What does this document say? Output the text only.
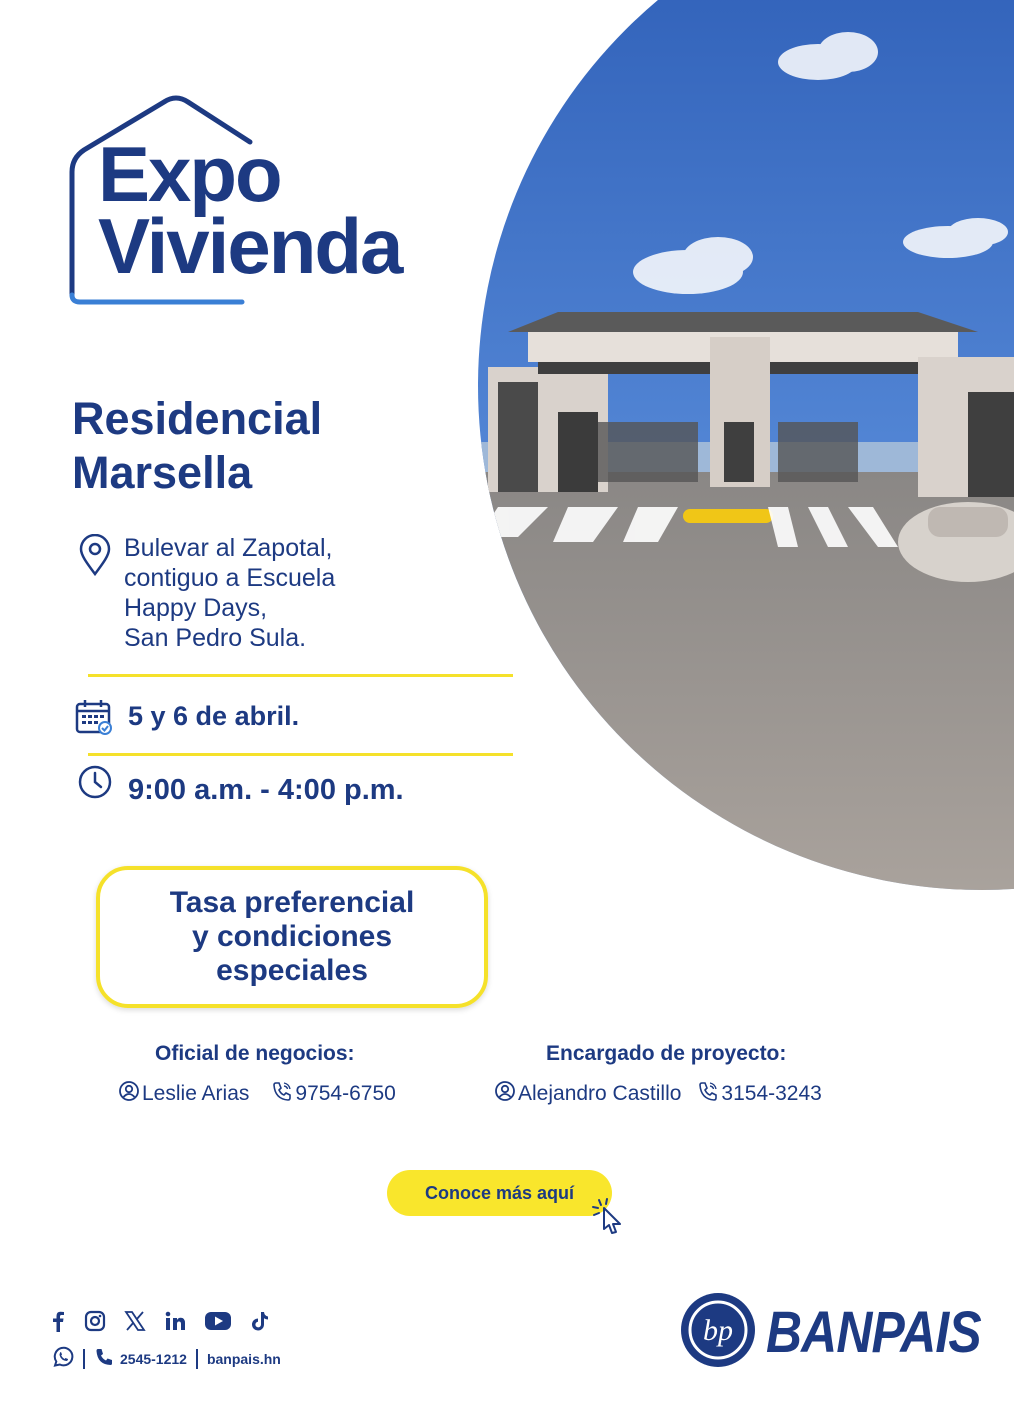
Expo
Vivienda
Residencial
Marsella
Bulevar al Zapotal,
contiguo a Escuela
Happy Days,
San Pedro Sula.
5 y 6 de abril.
9:00 a.m. - 4:00 p.m.
Tasa preferencial
y condiciones
especiales
Oficial de negocios:
Leslie Arias 9754-6750
Encargado de proyecto:
Alejandro Castillo 3154-3243
Conoce más aquí
2545-1212 banpais.hn
bp BANPAIS
